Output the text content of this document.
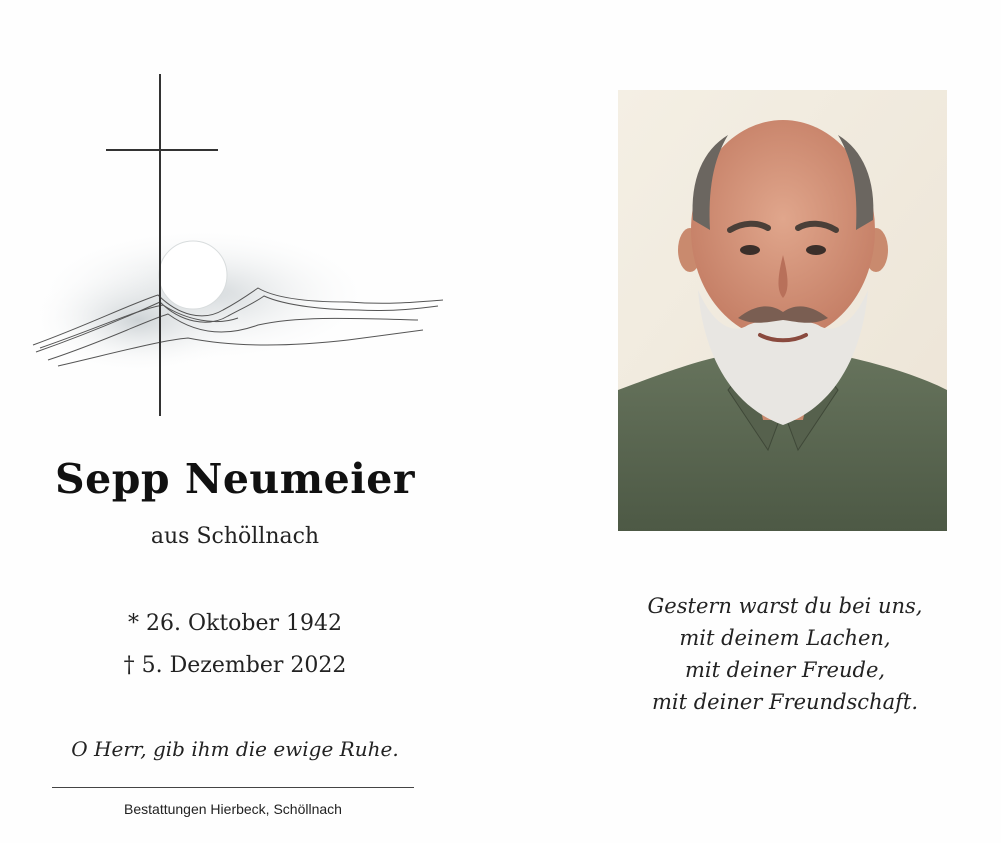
Sepp Neumeier
aus Schöllnach
* 26. Oktober 1942
† 5. Dezember 2022
O Herr, gib ihm die ewige Ruhe.
Bestattungen Hierbeck, Schöllnach
Gestern warst du bei uns,
mit deinem Lachen,
mit deiner Freude,
mit deiner Freundschaft.
